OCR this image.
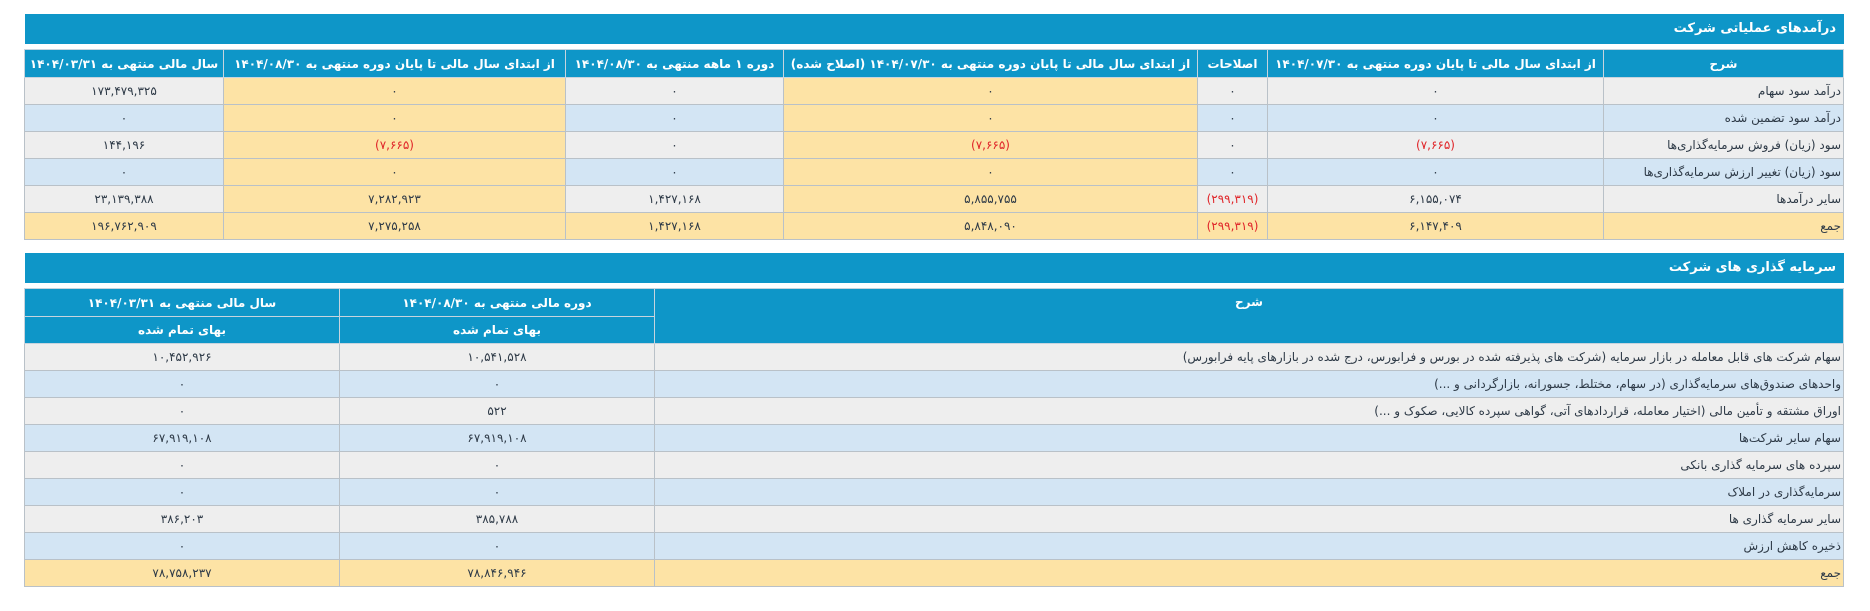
درآمدهای عملیاتی شرکت
شرح	از ابتدای سال مالی تا پایان دوره منتهی به ۱۴۰۴/۰۷/۳۰	اصلاحات	از ابتدای سال مالی تا پایان دوره منتهی به ۱۴۰۴/۰۷/۳۰ (اصلاح شده)	دوره ۱ ماهه منتهی به ۱۴۰۴/۰۸/۳۰	از ابتدای سال مالی تا پایان دوره منتهی به ۱۴۰۴/۰۸/۳۰	سال مالی منتهی به ۱۴۰۴/۰۳/۳۱
درآمد سود سهام	۰	۰	۰	۰	۰	۱۷۳,۴۷۹,۳۲۵
درآمد سود تضمین شده	۰	۰	۰	۰	۰	۰
سود (زیان) فروش سرمایه‌گذاری‌ها	(۷,۶۶۵)	۰	(۷,۶۶۵)	۰	(۷,۶۶۵)	۱۴۴,۱۹۶
سود (زیان) تغییر ارزش سرمایه‌گذاری‌ها	۰	۰	۰	۰	۰	۰
سایر درآمدها	۶,۱۵۵,۰۷۴	(۲۹۹,۳۱۹)	۵,۸۵۵,۷۵۵	۱,۴۲۷,۱۶۸	۷,۲۸۲,۹۲۳	۲۳,۱۳۹,۳۸۸
جمع	۶,۱۴۷,۴۰۹	(۲۹۹,۳۱۹)	۵,۸۴۸,۰۹۰	۱,۴۲۷,۱۶۸	۷,۲۷۵,۲۵۸	۱۹۶,۷۶۲,۹۰۹
سرمایه گذاری های شرکت
شرح	دوره مالی منتهی به ۱۴۰۴/۰۸/۳۰	سال مالی منتهی به ۱۴۰۴/۰۳/۳۱
	بهای تمام شده	بهای تمام شده
سهام شرکت های قابل معامله در بازار سرمایه (شرکت های پذیرفته شده در بورس و فرابورس، درج شده در بازارهای پایه فرابورس)	۱۰,۵۴۱,۵۲۸	۱۰,۴۵۲,۹۲۶
واحدهای صندوق‌های سرمایه‌گذاری (در سهام، مختلط، جسورانه، بازارگردانی و ...)	۰	۰
اوراق مشتقه و تأمین مالی (اختیار معامله، قراردادهای آتی، گواهی سپرده کالایی، صکوک و ...)	۵۲۲	۰
سهام سایر شرکت‌ها	۶۷,۹۱۹,۱۰۸	۶۷,۹۱۹,۱۰۸
سپرده های سرمایه گذاری بانکی	۰	۰
سرمایه‌گذاری در املاک	۰	۰
سایر سرمایه گذاری ها	۳۸۵,۷۸۸	۳۸۶,۲۰۳
ذخیره کاهش ارزش	۰	۰
جمع	۷۸,۸۴۶,۹۴۶	۷۸,۷۵۸,۲۳۷
